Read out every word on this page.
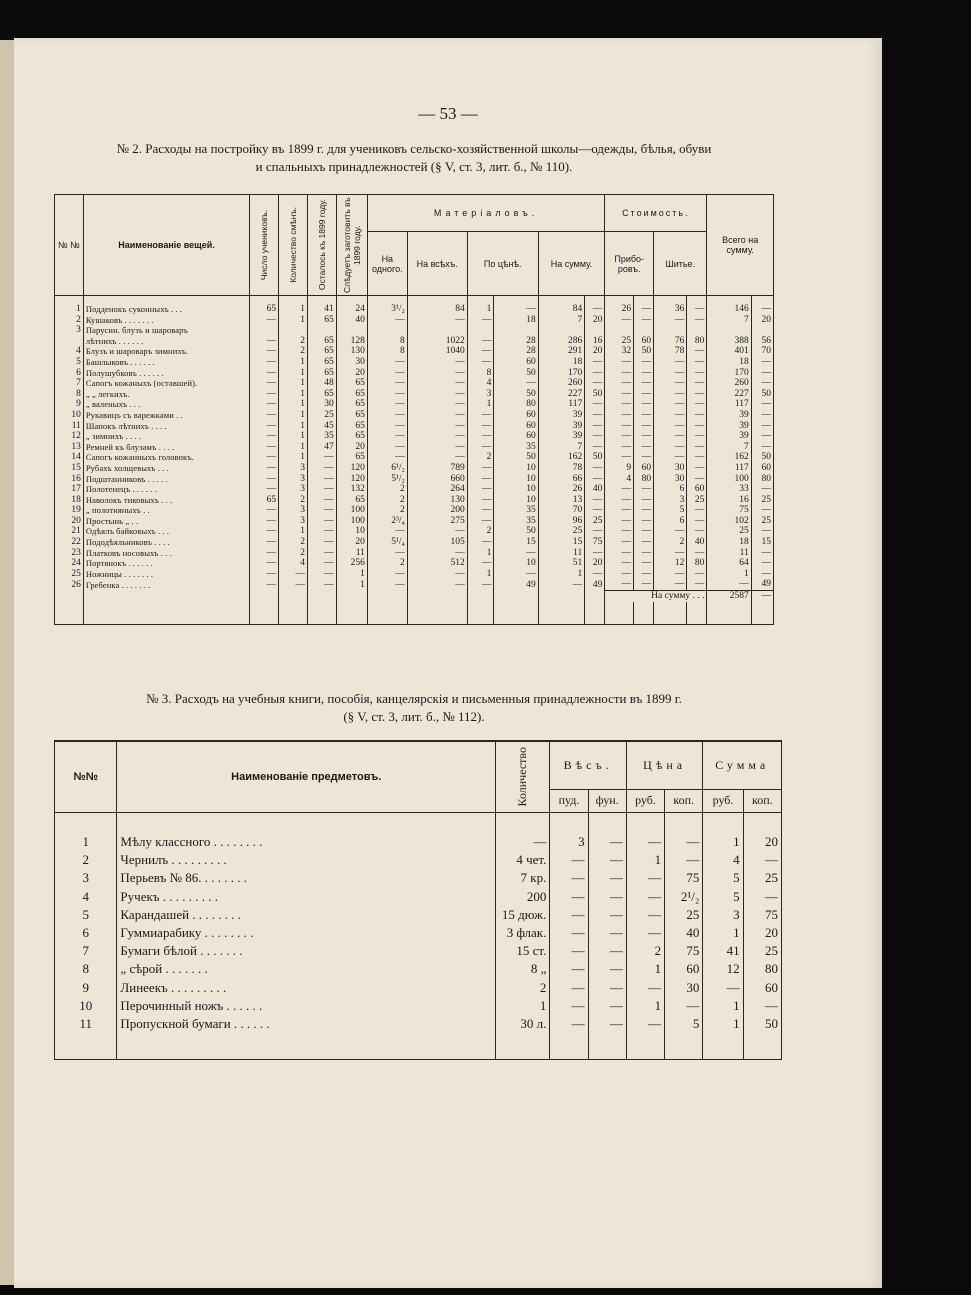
— 53 —
№ 2. Расходы на постройку въ 1899 г. для учениковъ сельско-хозяйственной школы—одежды, бѣлья, обуви
и спальныхъ принадлежностей (§ V, ст. 3, лит. б., № 110).
№ №	Наименованіе вещей.	Число учениковъ.	Количество смѣнъ.	Осталось къ 1899 году.	Слѣдуетъ заготовить въ 1899 году.	Матеріаловъ.						Стоимость.				Всего на сумму.	
						На одного.	На всѣхъ.	По цѣнѣ.		На сумму.		Прибо-ровъ.		Шитье.			

1	Подденокъ суконныхъ . . .	65	1	41	24	3¹/₂	84	1	—	84	—	26	—	36	—	146	—
2	Кушаковъ . . . . . . .	—	1	65	40	—	—	—	18	7	20	—	—	—	—	7	20
3	Парусин. блузъ и шароваръ																
	лѣтнихъ . . . . . .	—	2	65	128	8	1022	—	28	286	16	25	60	76	80	388	56
4	Блузъ и шароваръ зимнихъ.	—	2	65	130	8	1040	—	28	291	20	32	50	78	—	401	70
5	Башлыковъ . . . . . .	—	1	65	30	—	—	—	60	18	—	—	—	—	—	18	—
6	Полушубковъ . . . . . .	—	1	65	20	—	—	8	50	170	—	—	—	—	—	170	—
7	Сапогъ кожаныхъ (оставшей).	—	1	48	65	—	—	4	—	260	—	—	—	—	—	260	—
8	„ „ легкихъ.	—	1	65	65	—	—	3	50	227	50	—	—	—	—	227	50
9	„ валеныхъ . . .	—	1	30	65	—	—	1	80	117	—	—	—	—	—	117	—
10	Рукавицъ съ варежками . .	—	1	25	65	—	—	—	60	39	—	—	—	—	—	39	—
11	Шапокъ лѣтнихъ . . . .	—	1	45	65	—	—	—	60	39	—	—	—	—	—	39	—
12	„ зимнихъ . . . .	—	1	35	65	—	—	—	60	39	—	—	—	—	—	39	—
13	Ремней къ блузамъ . . . .	—	1	47	20	—	—	—	35	7	—	—	—	—	—	7	—
14	Сапогъ кожанныхъ головокъ.	—	1	—	65	—	—	2	50	162	50	—	—	—	—	162	50
15	Рубахъ холщевыхъ . . .	—	3	—	120	6¹/₂	789	—	10	78	—	9	60	30	—	117	60
16	Подштанниковъ . . . . .	—	3	—	120	5¹/₂	660	—	10	66	—	4	80	30	—	100	80
17	Полотенецъ . . . . . .	—	3	—	132	2	264	—	10	26	40	—	—	6	60	33	—
18	Наволокъ тиковыхъ . . .	65	2	—	65	2	130	—	10	13	—	—	—	3	25	16	25
19	„ полотняныхъ . .	—	3	—	100	2	200	—	35	70	—	—	—	5	—	75	—
20	Простынь „ . .	—	3	—	100	2³/₄	275	—	35	96	25	—	—	6	—	102	25
21	Одѣялъ байковыхъ . . .	—	1	—	10	—	—	2	50	25	—	—	—	—	—	25	—
22	Пододѣяльниковъ . . . .	—	2	—	20	5¹/₄	105	—	15	15	75	—	—	2	40	18	15
23	Платковъ носовыхъ . . .	—	2	—	11	—	—	1	—	11	—	—	—	—	—	11	—
24	Портянокъ . . . . . .	—	4	—	256	2	512	—	10	51	20	—	—	12	80	64	—
25	Ножницы . . . . . . .	—	—	—	1	—	—	1	—	1	—	—	—	—	—	1	—
26	Гребенка . . . . . . .	—	—	—	1	—	—	—	49	—	49	—	—	—	—	—	49
												На сумму . . .				2587	—

№ 3. Расходъ на учебныя книги, пособія, канцелярскія и письменныя принадлежности въ 1899 г.
(§ V, ст. 3, лит. б., № 112).
№№	Наименованіе предметовъ.	Количество	Вѣсъ.		Цѣна		Сумма	
			пуд.	фун.	руб.	коп.	руб.	коп.

1	Мѣлу классного . . . . . . . .	—	3	—	—	—	1	20
2	Чернилъ . . . . . . . . .	4 чет.	—	—	1	—	4	—
3	Перьевъ № 86. . . . . . . .	7 кр.	—	—	—	75	5	25
4	Ручекъ . . . . . . . . .	200	—	—	—	2¹/₂	5	—
5	Карандашей . . . . . . . .	15 дюж.	—	—	—	25	3	75
6	Гуммиарабику . . . . . . . .	3 флак.	—	—	—	40	1	20
7	Бумаги бѣлой . . . . . . .	15 ст.	—	—	2	75	41	25
8	„ сѣрой . . . . . . .	8 „	—	—	1	60	12	80
9	Линеекъ . . . . . . . . .	2	—	—	—	30	—	60
10	Перочинный ножъ . . . . . .	1	—	—	1	—	1	—
11	Пропускной бумаги . . . . . .	30 л.	—	—	—	5	1	50
